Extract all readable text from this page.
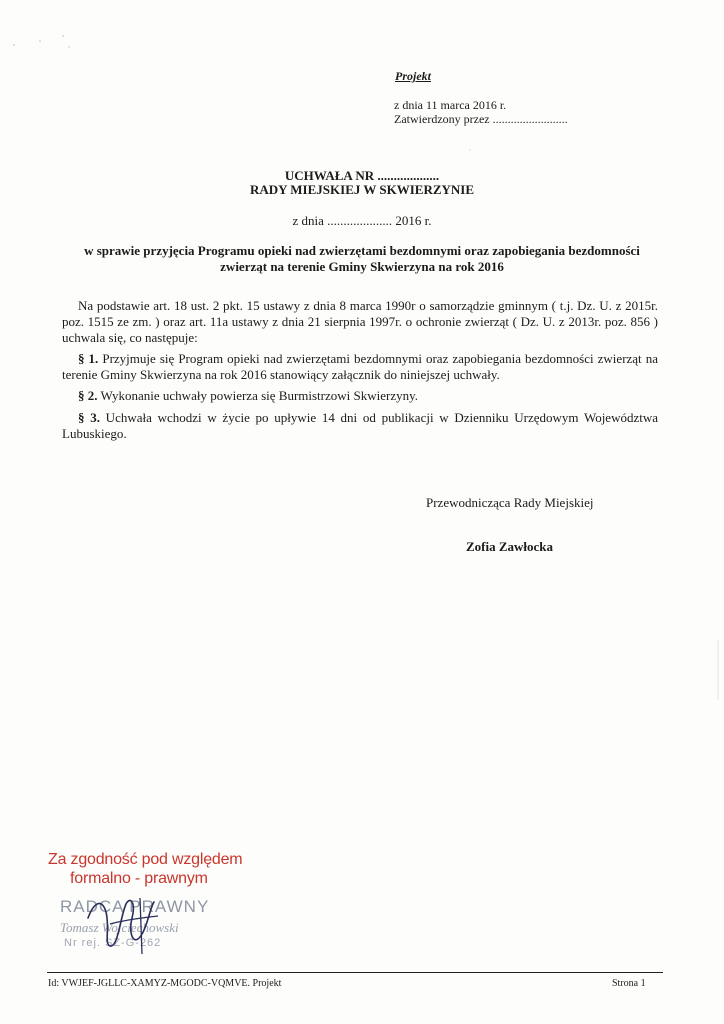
Projekt
z dnia 11 marca 2016 r.
Zatwierdzony przez .........................
UCHWAŁA NR ...................
RADY MIEJSKIEJ W SKWIERZYNIE
z dnia .................... 2016 r.
w sprawie przyjęcia Programu opieki nad zwierzętami bezdomnymi oraz zapobiegania bezdomności zwierząt na terenie Gminy Skwierzyna na rok 2016
Na podstawie art. 18 ust. 2 pkt. 15 ustawy z dnia 8 marca 1990r o samorządzie gminnym ( t.j. Dz. U. z 2015r. poz. 1515 ze zm. ) oraz art. 11a ustawy z dnia 21 sierpnia 1997r. o ochronie zwierząt ( Dz. U. z 2013r. poz. 856 ) uchwala się, co następuje:
§ 1. Przyjmuje się Program opieki nad zwierzętami bezdomnymi oraz zapobiegania bezdomności zwierząt na terenie Gminy Skwierzyna na rok 2016 stanowiący załącznik do niniejszej uchwały.
§ 2. Wykonanie uchwały powierza się Burmistrzowi Skwierzyny.
§ 3. Uchwała wchodzi w życie po upływie 14 dni od publikacji w Dzienniku Urzędowym Województwa Lubuskiego.
Przewodnicząca Rady Miejskiej
Zofia Zawłocka
Za zgodność pod względem
formalno - prawnym
RADCA PRAWNY
Tomasz Wojciechowski
Nr rej. SZ-G-262
Id: VWJEF-JGLLC-XAMYZ-MGODC-VQMVE. Projekt	Strona 1
